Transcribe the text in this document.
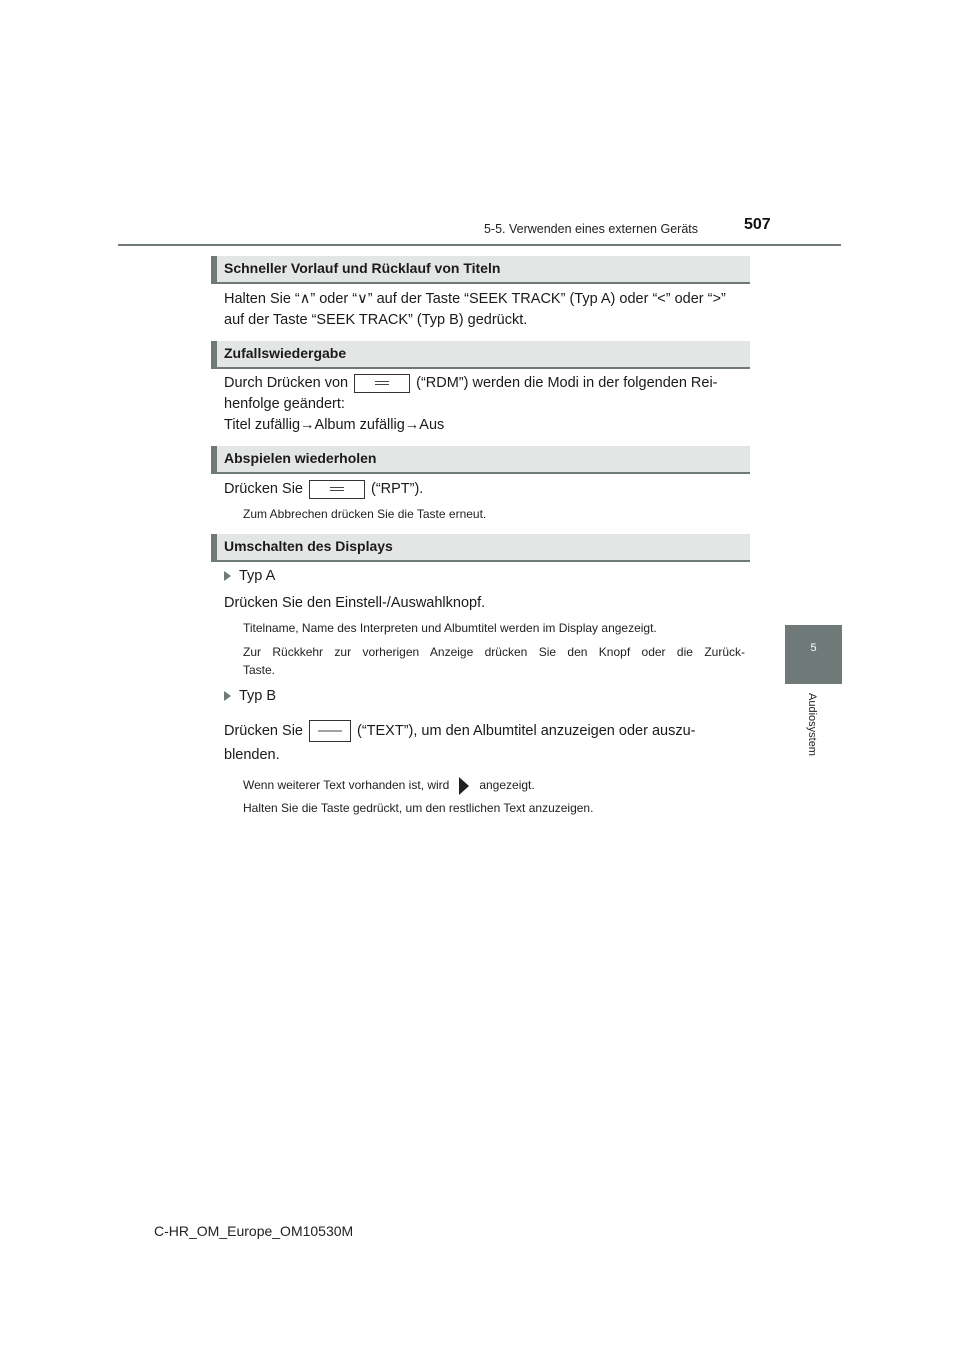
5-5. Verwenden eines externen Geräts	507
5
Audiosystem
Schneller Vorlauf und Rücklauf von Titeln
Halten Sie “∧” oder “∨” auf der Taste “SEEK TRACK” (Typ A) oder “<” oder “>”
auf der Taste “SEEK TRACK” (Typ B) gedrückt.
Zufallswiedergabe
Durch Drücken von	(“RDM”) werden die Modi in der folgenden Rei-
henfolge geändert:
Titel zufällig→Album zufällig→Aus
Abspielen wiederholen
Drücken Sie	(“RPT”).
Zum Abbrechen drücken Sie die Taste erneut.
Umschalten des Displays
Typ A
Drücken Sie den Einstell-/Auswahlknopf.
Titelname, Name des Interpreten und Albumtitel werden im Display angezeigt.
Zur Rückkehr zur vorherigen Anzeige drücken Sie den Knopf oder die Zurück-
Taste.
Typ B
Drücken Sie	(“TEXT”), um den Albumtitel anzuzeigen oder auszu-
blenden.
Wenn weiterer Text vorhanden ist, wird	angezeigt.
Halten Sie die Taste gedrückt, um den restlichen Text anzuzeigen.
C-HR_OM_Europe_OM10530M
